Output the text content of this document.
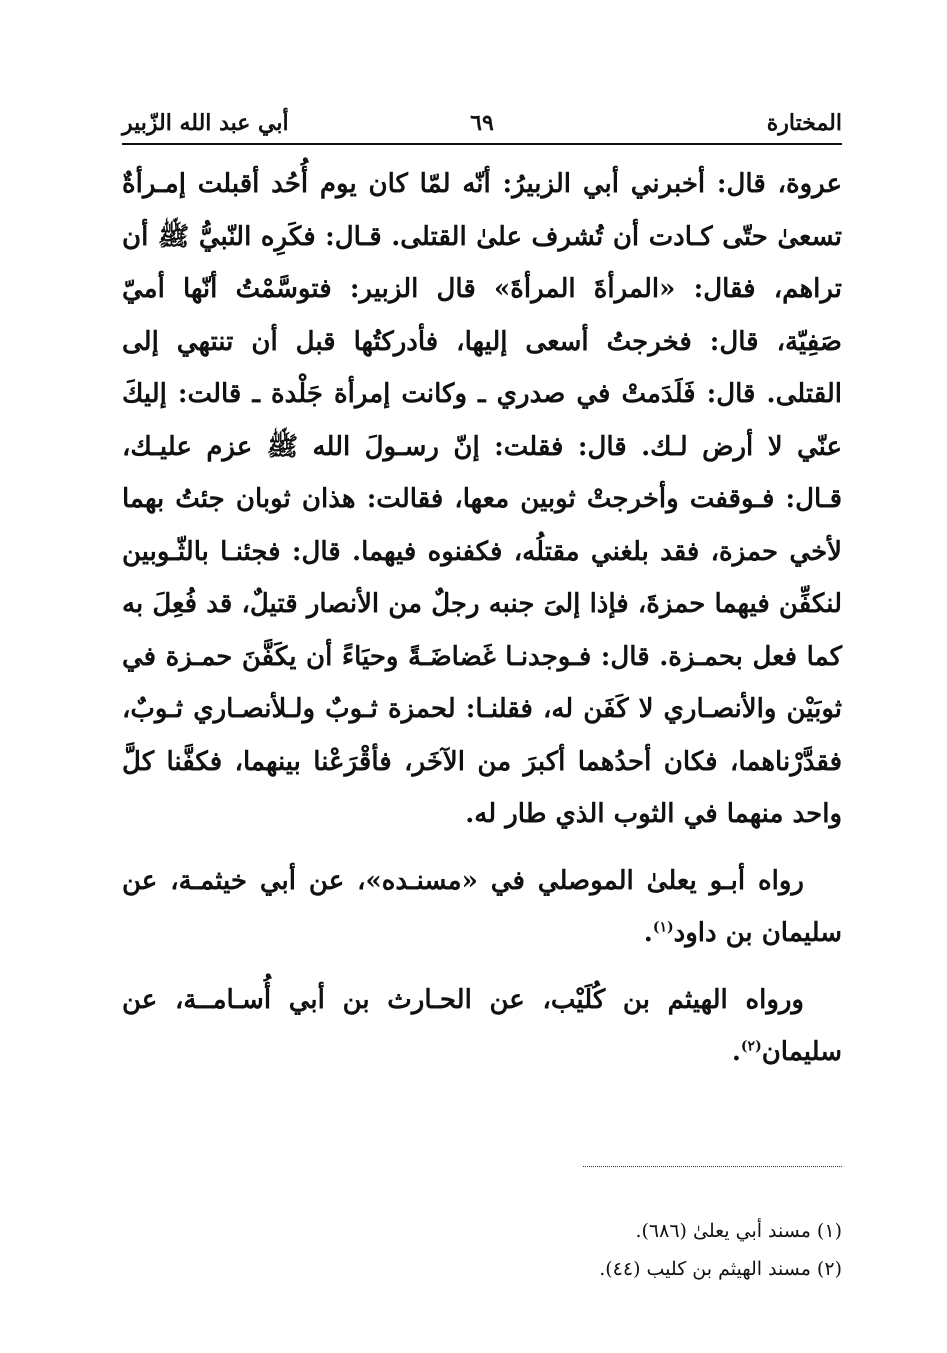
المختارة
٦٩
أبي عبد الله الزّبير

عروة، قال: أخبرني أبي الزبيرُ: أنّه لمّا كان يوم أُحُد أقبلت إمـرأةٌ تسعىٰ حتّى كـادت أن تُشرف علىٰ القتلى. قـال: فكَرِه النّبيُّ ﷺ أن تراهم، فقال: «المرأةَ المرأةَ» قال الزبير: فتوسَّمْتُ أنّها أميّ صَفِيّة، قال: فخرجتُ أسعى إليها، فأدركتُها قبل أن تنتهي إلى القتلى. قال: فَلَدَمتْ في صدري ـ وكانت إمرأة جَلْدة ـ قالت: إليكَ عنّي لا أرض لـك. قال: فقلت: إنّ رسـولَ الله ﷺ عزم عليـك، قـال: فـوقفت وأخرجتْ ثوبين معها، فقالت: هذان ثوبان جئتُ بهما لأخي حمزة، فقد بلغني مقتلُه، فكفنوه فيهما. قال: فجئنـا بالثّـوبين لنكفِّن فيهما حمزةَ، فإذا إلىَ جنبه رجلٌ من الأنصار قتيلٌ، قد فُعِلَ به كما فعل بحمـزة. قال: فـوجدنـا غَضاضَـةً وحيَاءً أن يكَفَّنَ حمـزة في ثوبَيْن والأنصـاري لا كَفَن له، فقلنـا: لحمزة ثـوبٌ ولـلأنصـاري ثـوبٌ، فقدَّرْناهما، فكان أحدُهما أكبرَ من الآخَر، فأقْرَعْنا بينهما، فكفَّنا كلَّ واحد منهما في الثوب الذي طار له.

رواه أبـو يعلىٰ الموصلي في «مسنـده»، عن أبي خيثمـة، عن سليمان بن داود$^{(١)}$.

ورواه الهيثم بن كُلَيْب، عن الحـارث بن أبي أُسـامــة، عن سليمان$^{(٢)}$.

(١) مسند أبي يعلىٰ (٦٨٦).

(٢) مسند الهيثم بن كليب (٤٤).
